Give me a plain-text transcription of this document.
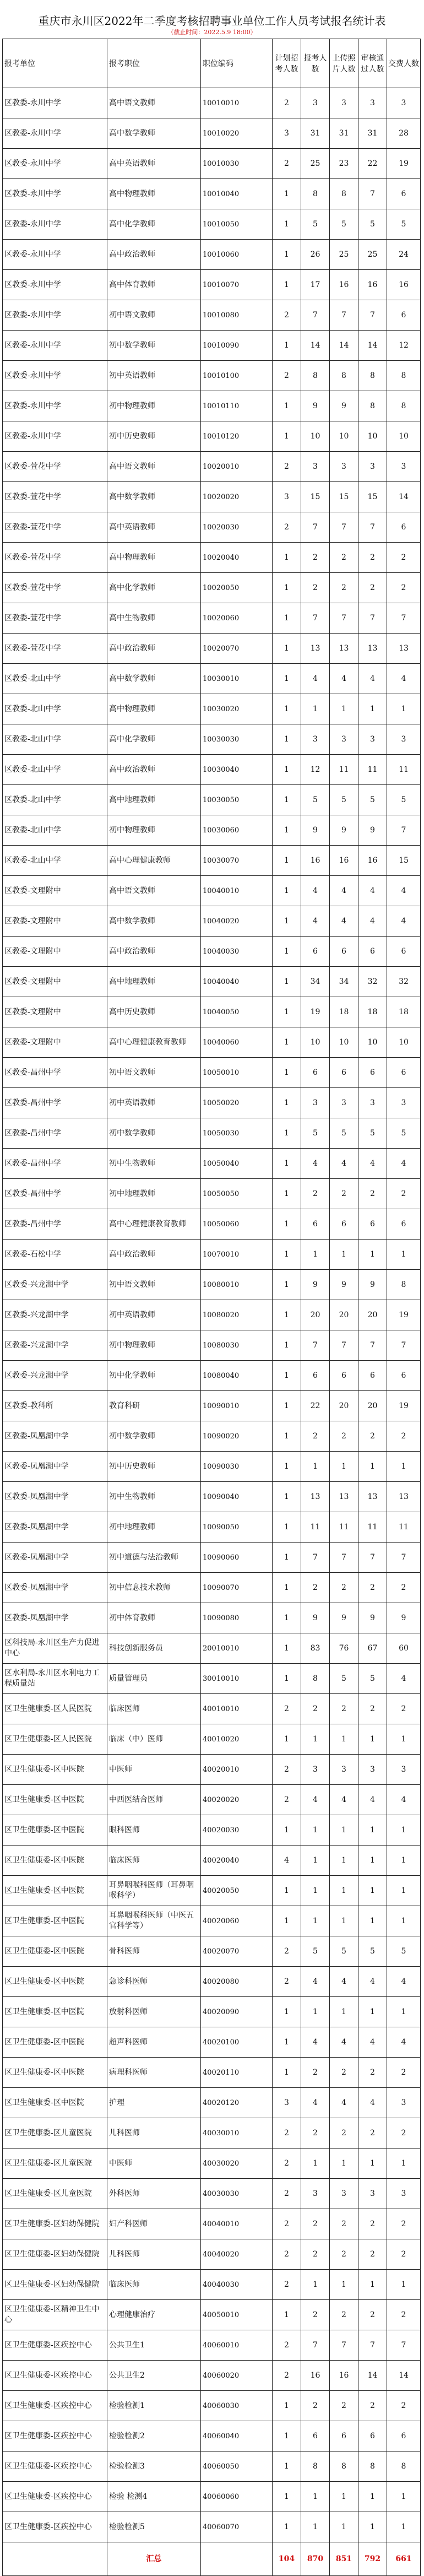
重庆市永川区2022年二季度考核招聘事业单位工作人员考试报名统计表
（截止时间：2022.5.9 18:00）
报考单位	报考职位	职位编码	计划招考人数	报考人数	上传照片人数	审核通过人数	交费人数
区教委-永川中学	高中语文教师	10010010	2	3	3	3	3
区教委-永川中学	高中数学教师	10010020	3	31	31	31	28
区教委-永川中学	高中英语教师	10010030	2	25	23	22	19
区教委-永川中学	高中物理教师	10010040	1	8	8	7	6
区教委-永川中学	高中化学教师	10010050	1	5	5	5	5
区教委-永川中学	高中政治教师	10010060	1	26	25	25	24
区教委-永川中学	高中体育教师	10010070	1	17	16	16	16
区教委-永川中学	初中语文教师	10010080	2	7	7	7	6
区教委-永川中学	初中数学教师	10010090	1	14	14	14	12
区教委-永川中学	初中英语教师	10010100	2	8	8	8	8
区教委-永川中学	初中物理教师	10010110	1	9	9	8	8
区教委-永川中学	初中历史教师	10010120	1	10	10	10	10
区教委-萱花中学	高中语文教师	10020010	2	3	3	3	3
区教委-萱花中学	高中数学教师	10020020	3	15	15	15	14
区教委-萱花中学	高中英语教师	10020030	2	7	7	7	6
区教委-萱花中学	高中物理教师	10020040	1	2	2	2	2
区教委-萱花中学	高中化学教师	10020050	1	2	2	2	2
区教委-萱花中学	高中生物教师	10020060	1	7	7	7	7
区教委-萱花中学	高中政治教师	10020070	1	13	13	13	13
区教委-北山中学	高中数学教师	10030010	1	4	4	4	4
区教委-北山中学	高中物理教师	10030020	1	1	1	1	1
区教委-北山中学	高中化学教师	10030030	1	3	3	3	3
区教委-北山中学	高中政治教师	10030040	1	12	11	11	11
区教委-北山中学	高中地理教师	10030050	1	5	5	5	5
区教委-北山中学	初中物理教师	10030060	1	9	9	9	7
区教委-北山中学	高中心理健康教师	10030070	1	16	16	16	15
区教委-文理附中	高中语文教师	10040010	1	4	4	4	4
区教委-文理附中	高中数学教师	10040020	1	4	4	4	4
区教委-文理附中	高中政治教师	10040030	1	6	6	6	6
区教委-文理附中	高中地理教师	10040040	1	34	34	32	32
区教委-文理附中	高中历史教师	10040050	1	19	18	18	18
区教委-文理附中	高中心理健康教育教师	10040060	1	10	10	10	10
区教委-昌州中学	初中语文教师	10050010	1	6	6	6	6
区教委-昌州中学	初中英语教师	10050020	1	3	3	3	3
区教委-昌州中学	初中数学教师	10050030	1	5	5	5	5
区教委-昌州中学	初中生物教师	10050040	1	4	4	4	4
区教委-昌州中学	初中地理教师	10050050	1	2	2	2	2
区教委-昌州中学	高中心理健康教育教师	10050060	1	6	6	6	6
区教委-石松中学	高中政治教师	10070010	1	1	1	1	1
区教委-兴龙湖中学	初中语文教师	10080010	1	9	9	9	8
区教委-兴龙湖中学	初中英语教师	10080020	1	20	20	20	19
区教委-兴龙湖中学	初中物理教师	10080030	1	7	7	7	7
区教委-兴龙湖中学	初中化学教师	10080040	1	6	6	6	6
区教委-教科所	教育科研	10090010	1	22	20	20	19
区教委-凤凰湖中学	初中数学教师	10090020	1	2	2	2	2
区教委-凤凰湖中学	初中历史教师	10090030	1	1	1	1	1
区教委-凤凰湖中学	初中生物教师	10090040	1	13	13	13	13
区教委-凤凰湖中学	初中地理教师	10090050	1	11	11	11	11
区教委-凤凰湖中学	初中道德与法治教师	10090060	1	7	7	7	7
区教委-凤凰湖中学	初中信息技术教师	10090070	1	2	2	2	2
区教委-凤凰湖中学	初中体育教师	10090080	1	9	9	9	9
区科技局-永川区生产力促进中心	科技创新服务员	20010010	1	83	76	67	60
区水利局-永川区水利电力工程质量站	质量管理员	30010010	1	8	5	5	4
区卫生健康委-区人民医院	临床医师	40010010	2	2	2	2	2
区卫生健康委-区人民医院	临床（中）医师	40010020	1	1	1	1	1
区卫生健康委-区中医院	中医师	40020010	2	3	3	3	3
区卫生健康委-区中医院	中西医结合医师	40020020	2	4	4	4	4
区卫生健康委-区中医院	眼科医师	40020030	1	1	1	1	1
区卫生健康委-区中医院	临床医师	40020040	4	1	1	1	1
区卫生健康委-区中医院	耳鼻咽喉科医师（耳鼻咽喉科学）	40020050	1	1	1	1	1
区卫生健康委-区中医院	耳鼻咽喉科医师（中医五官科学等）	40020060	1	1	1	1	1
区卫生健康委-区中医院	骨科医师	40020070	2	5	5	5	5
区卫生健康委-区中医院	急诊科医师	40020080	2	4	4	4	4
区卫生健康委-区中医院	放射科医师	40020090	1	1	1	1	1
区卫生健康委-区中医院	超声科医师	40020100	1	4	4	4	4
区卫生健康委-区中医院	病理科医师	40020110	1	2	2	2	2
区卫生健康委-区中医院	护理	40020120	3	4	4	4	3
区卫生健康委-区儿童医院	儿科医师	40030010	2	2	2	2	2
区卫生健康委-区儿童医院	中医师	40030020	2	1	1	1	1
区卫生健康委-区儿童医院	外科医师	40030030	2	3	3	3	3
区卫生健康委-区妇幼保健院	妇产科医师	40040010	2	2	2	2	2
区卫生健康委-区妇幼保健院	儿科医师	40040020	2	2	2	2	2
区卫生健康委-区妇幼保健院	临床医师	40040030	2	1	1	1	1
区卫生健康委-区精神卫生中心	心理健康治疗	40050010	1	2	2	2	2
区卫生健康委-区疾控中心	公共卫生1	40060010	2	7	7	7	7
区卫生健康委-区疾控中心	公共卫生2	40060020	2	16	16	14	14
区卫生健康委-区疾控中心	检验检测1	40060030	1	2	2	2	2
区卫生健康委-区疾控中心	检验检测2	40060040	1	6	6	6	6
区卫生健康委-区疾控中心	检验检测3	40060050	1	8	8	8	8
区卫生健康委-区疾控中心	检验 检测4	40060060	1	1	1	1	1
区卫生健康委-区疾控中心	检验检测5	40060070	1	1	1	1	1
	汇总		104	870	851	792	661
